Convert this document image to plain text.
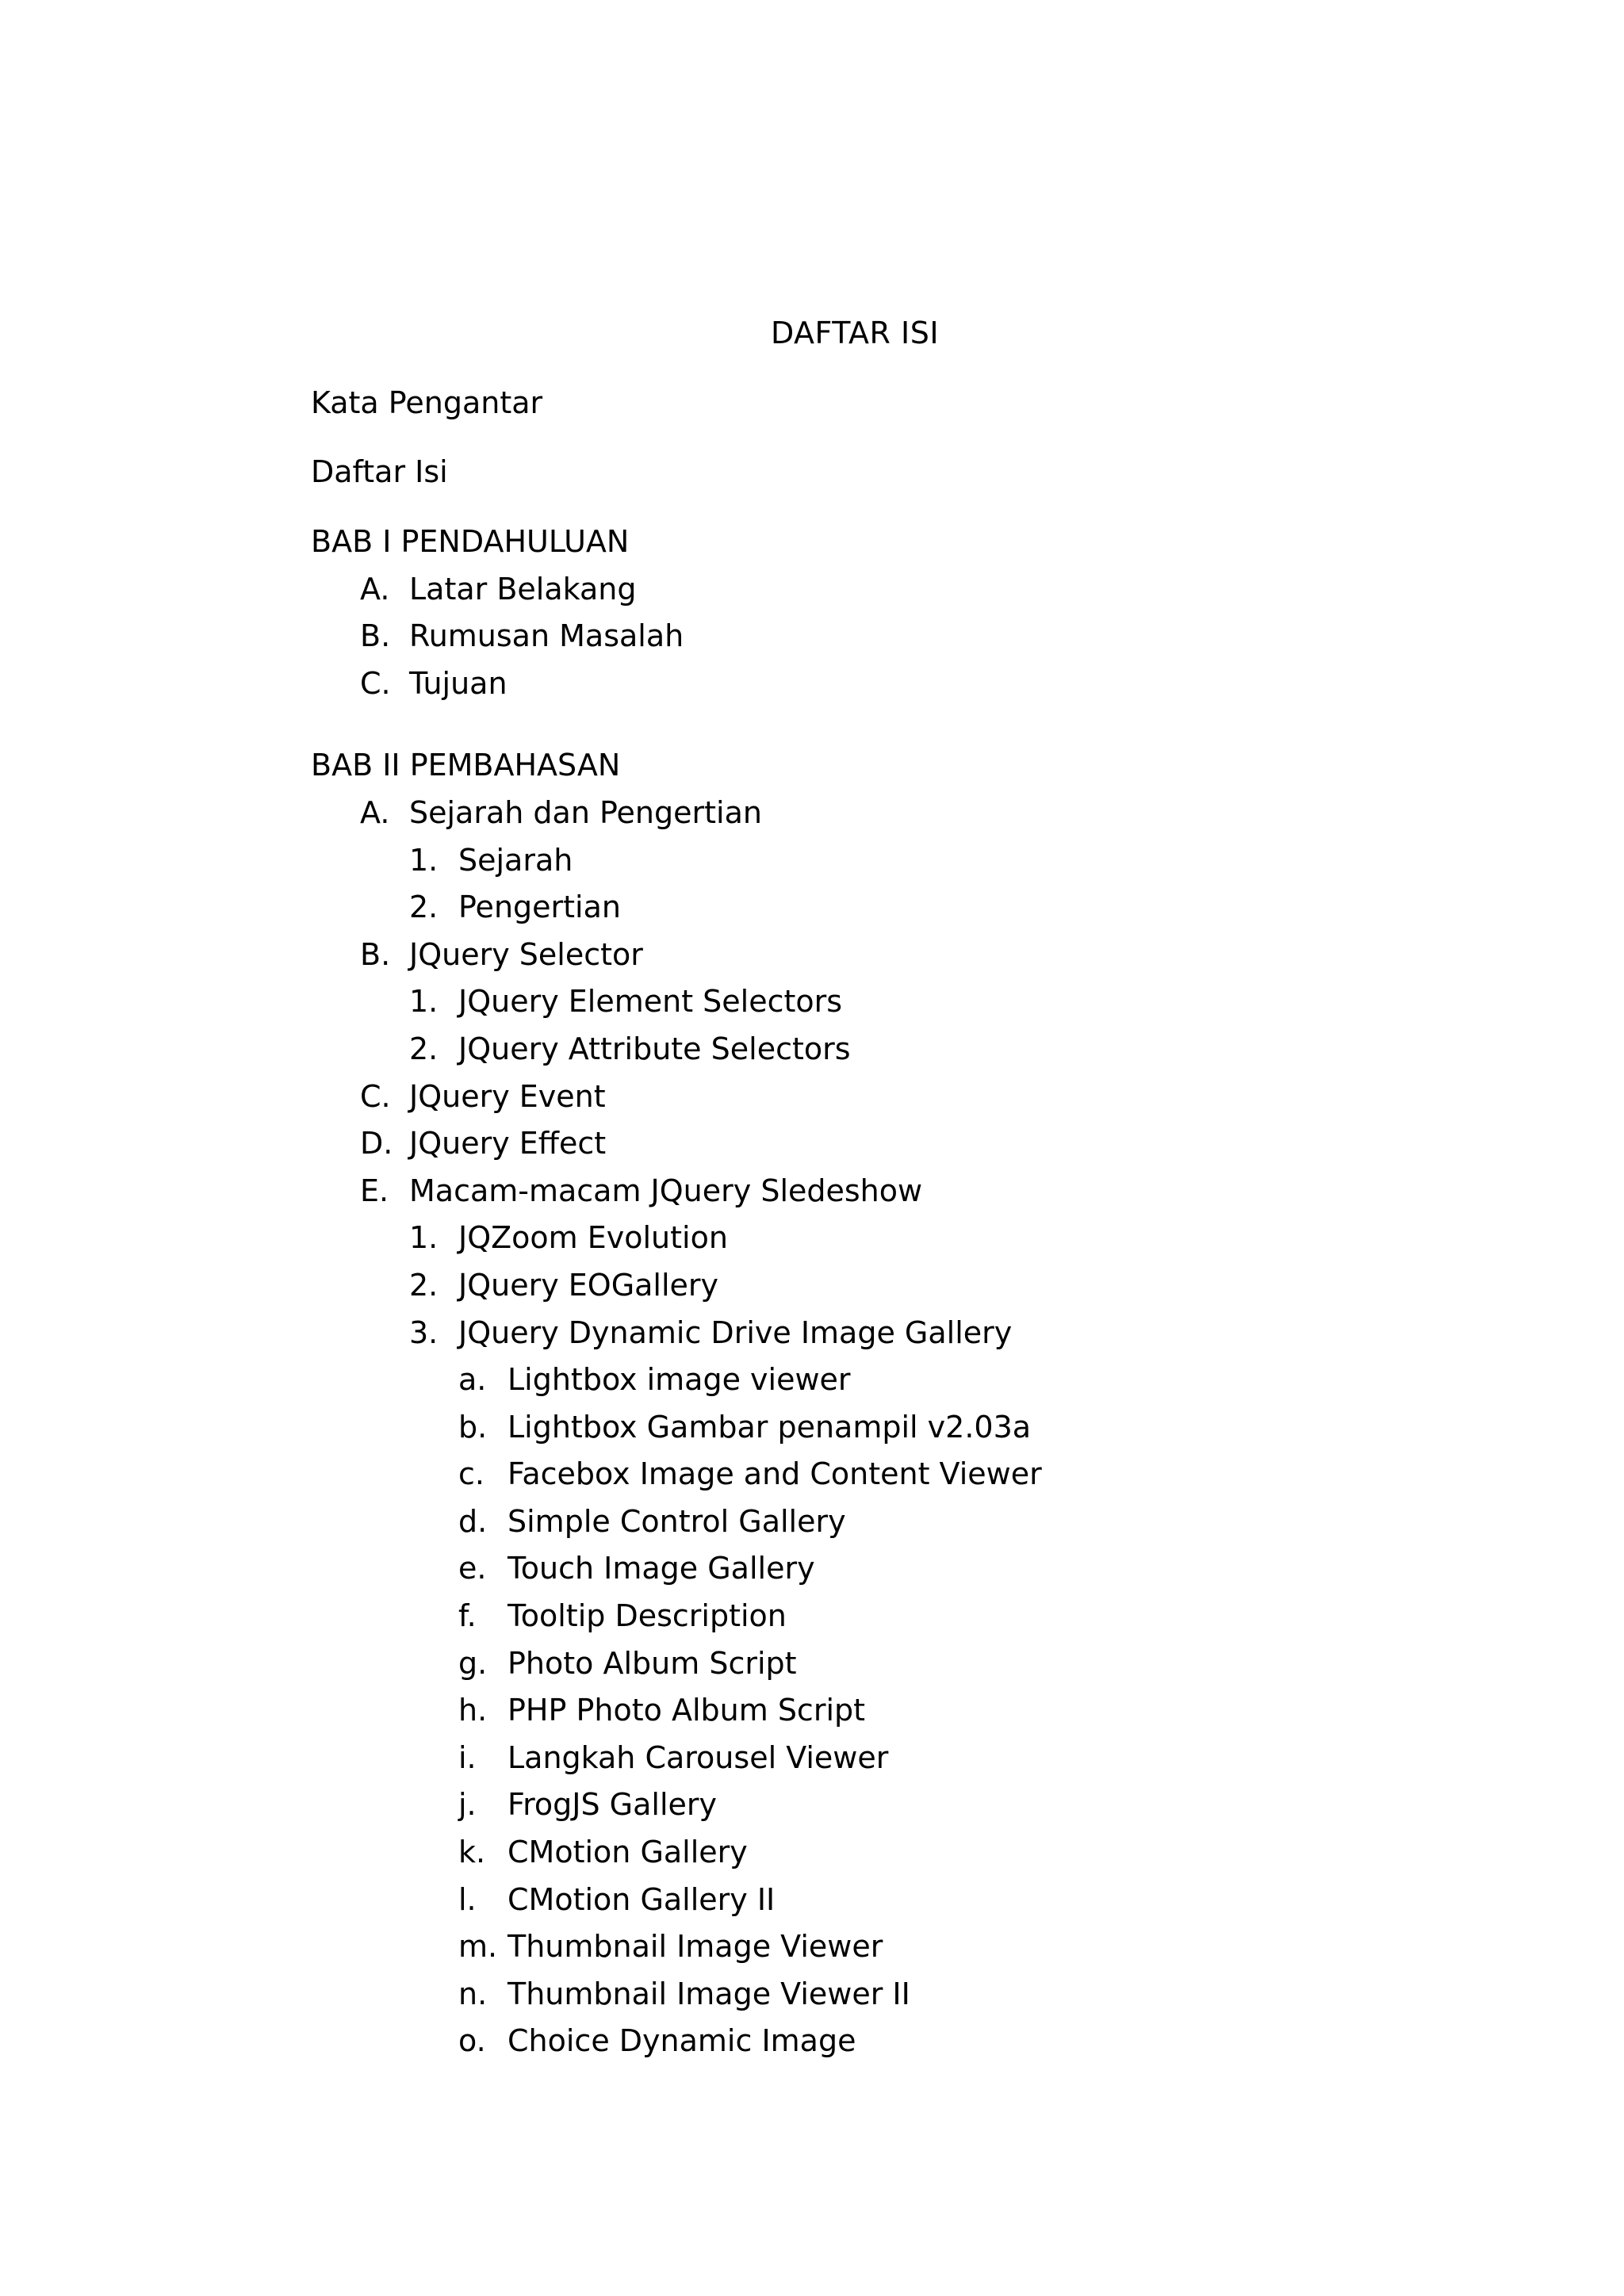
DAFTAR ISI
Kata Pengantar
Daftar Isi
BAB I PENDAHULUAN
A. Latar Belakang
B. Rumusan Masalah
C. Tujuan
BAB II PEMBAHASAN
A. Sejarah dan Pengertian
1. Sejarah
2. Pengertian
B. JQuery Selector
1. JQuery Element Selectors
2. JQuery Attribute Selectors
C. JQuery Event
D. JQuery Effect
E. Macam-macam JQuery Sledeshow
1. JQZoom Evolution
2. JQuery EOGallery
3. JQuery Dynamic Drive Image Gallery
a. Lightbox image viewer
b. Lightbox Gambar penampil v2.03a
c. Facebox Image and Content Viewer
d. Simple Control Gallery
e. Touch Image Gallery
f. Tooltip Description
g. Photo Album Script
h. PHP Photo Album Script
i. Langkah Carousel Viewer
j. FrogJS Gallery
k. CMotion Gallery
l. CMotion Gallery II
m. Thumbnail Image Viewer
n. Thumbnail Image Viewer II
o. Choice Dynamic Image
